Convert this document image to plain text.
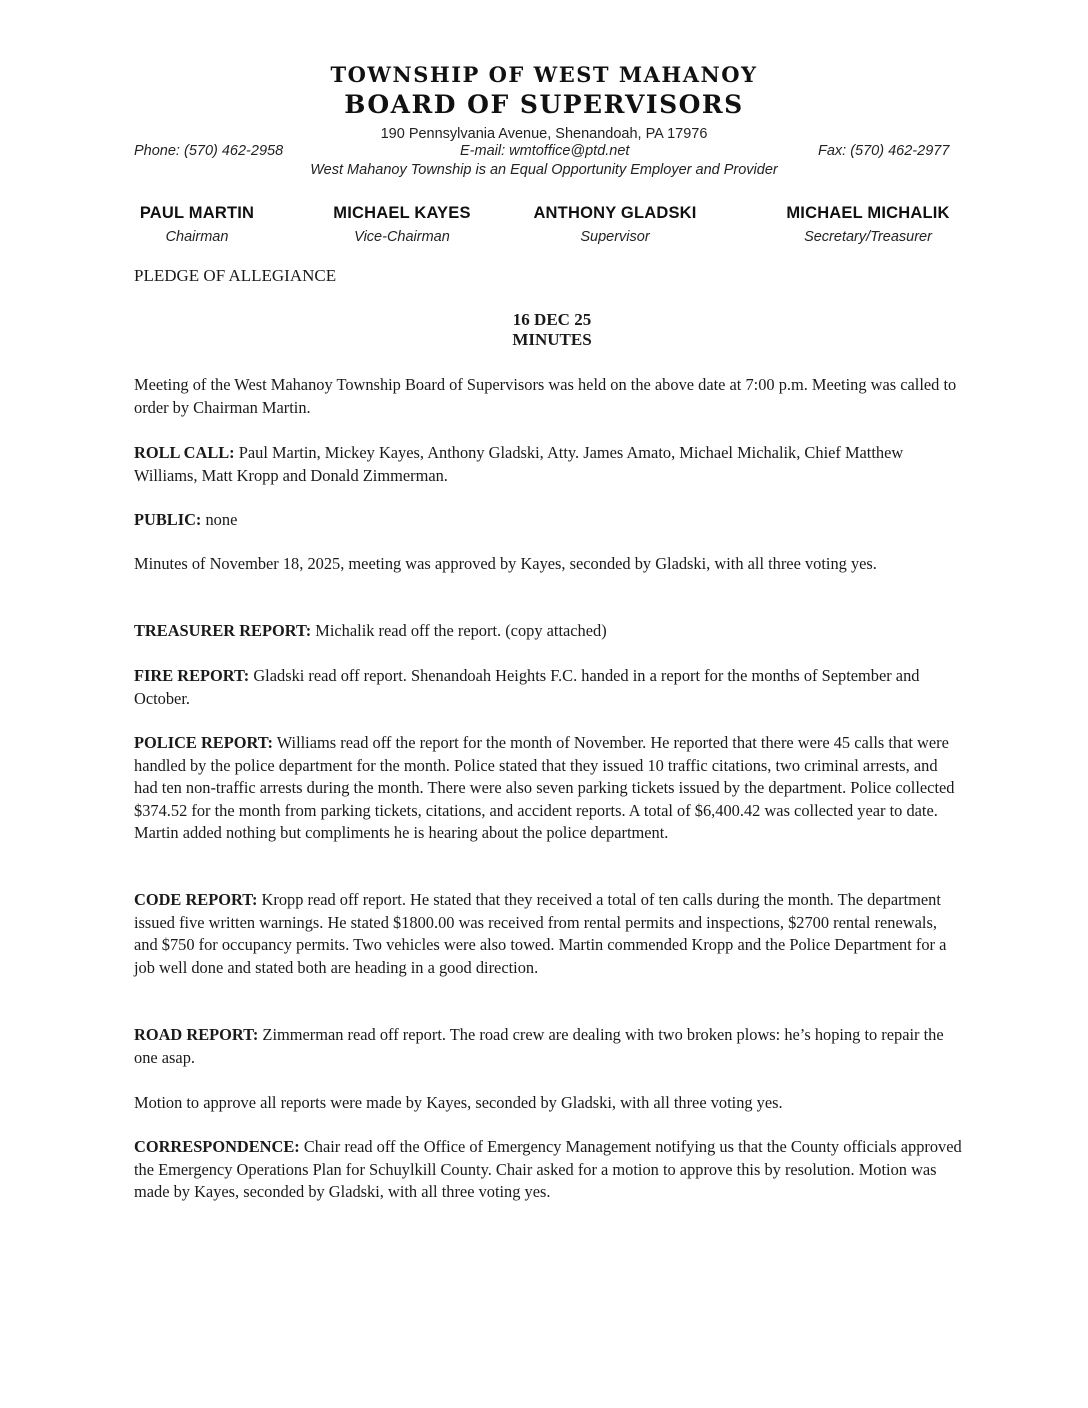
TOWNSHIP OF WEST MAHANOY
BOARD OF SUPERVISORS
190 Pennsylvania Avenue, Shenandoah, PA 17976
Phone: (570) 462-2958	E-mail: wmtoffice@ptd.net	Fax: (570) 462-2977
West Mahanoy Township is an Equal Opportunity Employer and Provider
PAUL MARTIN
Chairman
MICHAEL KAYES
Vice-Chairman
ANTHONY GLADSKI
Supervisor
MICHAEL MICHALIK
Secretary/Treasurer
PLEDGE OF ALLEGIANCE
16 DEC 25
MINUTES

Meeting of the West Mahanoy Township Board of Supervisors was held on the above date at 7:00 p.m. Meeting was called to order by Chairman Martin.

ROLL CALL: Paul Martin, Mickey Kayes, Anthony Gladski, Atty. James Amato, Michael Michalik, Chief Matthew Williams, Matt Kropp and Donald Zimmerman.

PUBLIC: none

Minutes of November 18, 2025, meeting was approved by Kayes, seconded by Gladski, with all three voting yes.

TREASURER REPORT: Michalik read off the report. (copy attached)

FIRE REPORT: Gladski read off report. Shenandoah Heights F.C. handed in a report for the months of September and October.

POLICE REPORT: Williams read off the report for the month of November. He reported that there were 45 calls that were handled by the police department for the month. Police stated that they issued 10 traffic citations, two criminal arrests, and had ten non-traffic arrests during the month. There were also seven parking tickets issued by the department. Police collected $374.52 for the month from parking tickets, citations, and accident reports. A total of $6,400.42 was collected year to date. Martin added nothing but compliments he is hearing about the police department.

CODE REPORT: Kropp read off report. He stated that they received a total of ten calls during the month. The department issued five written warnings. He stated $1800.00 was received from rental permits and inspections, $2700 rental renewals, and $750 for occupancy permits. Two vehicles were also towed. Martin commended Kropp and the Police Department for a job well done and stated both are heading in a good direction.

ROAD REPORT: Zimmerman read off report. The road crew are dealing with two broken plows: he’s hoping to repair the one asap.

Motion to approve all reports were made by Kayes, seconded by Gladski, with all three voting yes.

CORRESPONDENCE: Chair read off the Office of Emergency Management notifying us that the County officials approved the Emergency Operations Plan for Schuylkill County. Chair asked for a motion to approve this by resolution. Motion was made by Kayes, seconded by Gladski, with all three voting yes.
